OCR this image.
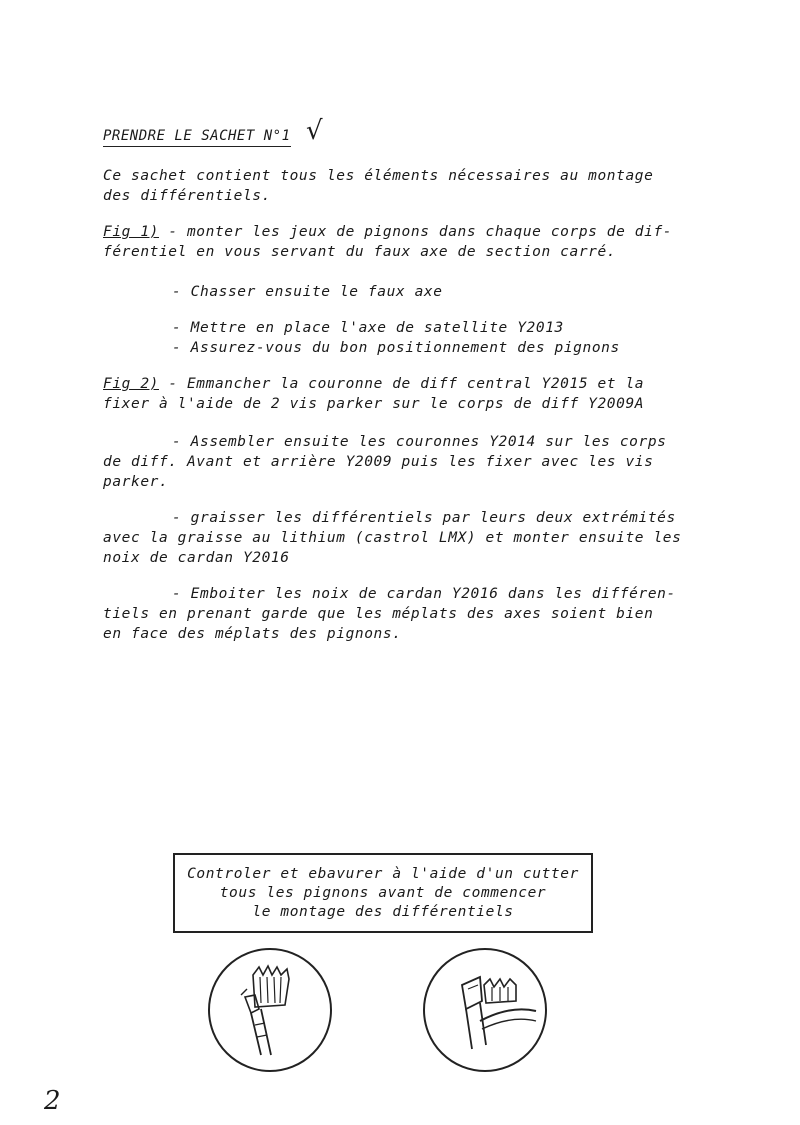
PRENDRE LE SACHET N°1 √
Ce sachet contient tous les éléments nécessaires au montage
des différentiels.
Fig 1) - monter les jeux de pignons dans chaque corps de dif-
férentiel en vous servant du faux axe de section carré.
- Chasser ensuite le faux axe
- Mettre en place l'axe de satellite Y2013
- Assurez-vous du bon positionnement des pignons
Fig 2) - Emmancher la couronne de diff central Y2015 et la
fixer à l'aide de 2 vis parker sur le corps de diff Y2009A
- Assembler ensuite les couronnes Y2014 sur les corps
de diff. Avant et arrière Y2009 puis les fixer avec les vis
parker.
- graisser les différentiels par leurs deux extrémités
avec la graisse au lithium (castrol LMX) et monter ensuite les
noix de cardan Y2016
- Emboiter les noix de cardan Y2016 dans les différen-
tiels en prenant garde que les méplats des axes soient bien
en face des méplats des pignons.
Controler et ebavurer à l'aide d'un cutter
tous les pignons avant de commencer
le montage des différentiels
2
